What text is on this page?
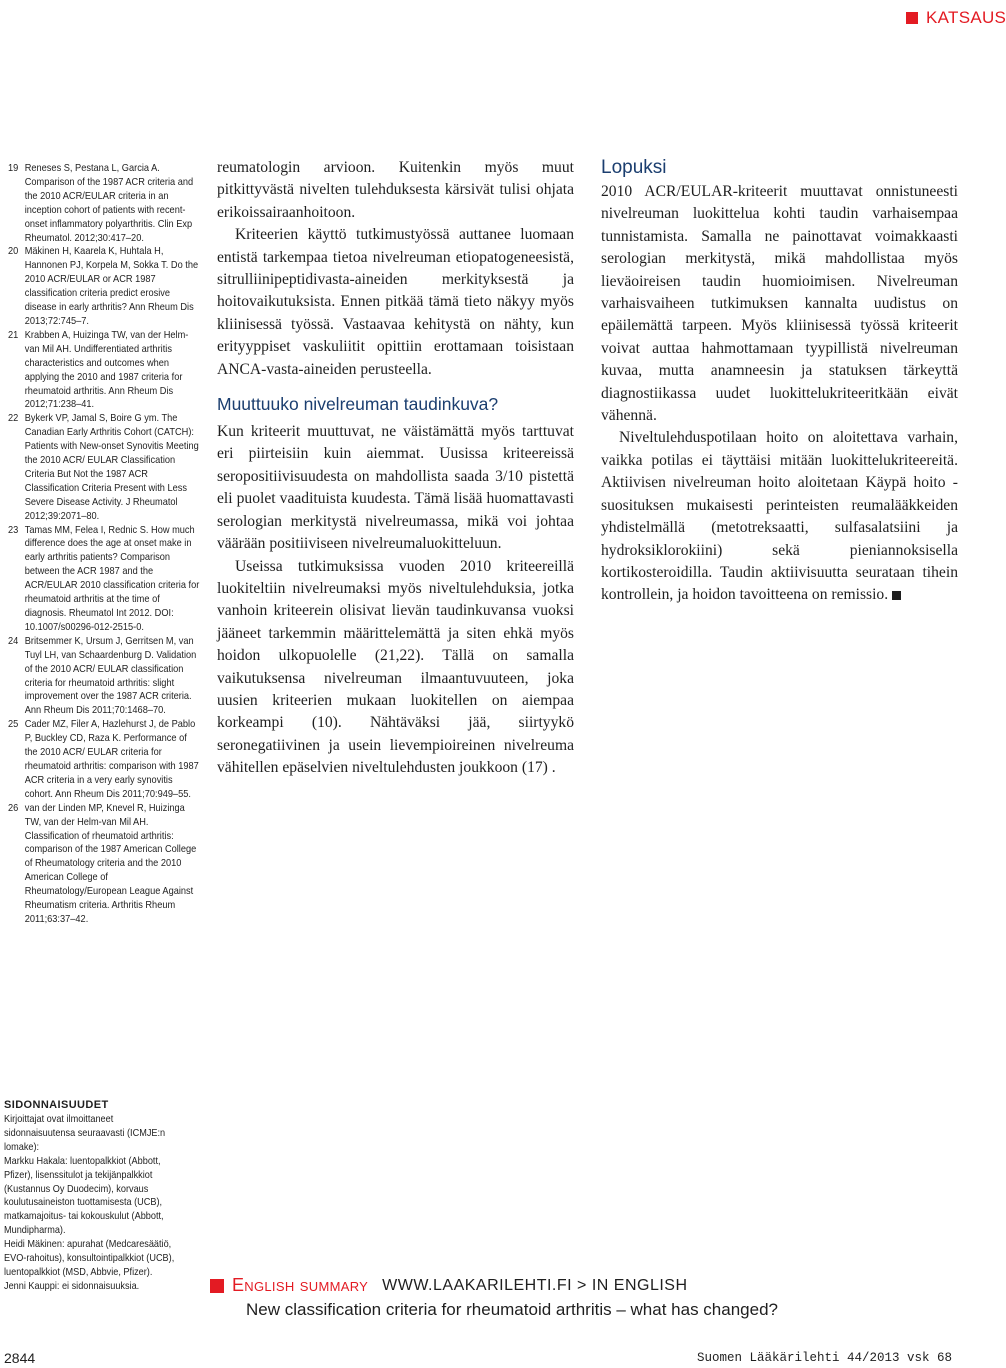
KATSAUS
19 Reneses S, Pestana L, Garcia A. Comparison of the 1987 ACR criteria and the 2010 ACR/EULAR criteria in an inception cohort of patients with recent-onset inflammatory polyarthritis. Clin Exp Rheumatol. 2012;30:417–20.
20 Mäkinen H, Kaarela K, Huhtala H, Hannonen PJ, Korpela M, Sokka T. Do the 2010 ACR/EULAR or ACR 1987 classification criteria predict erosive disease in early arthritis? Ann Rheum Dis 2013;72:745–7.
21 Krabben A, Huizinga TW, van der Helm-van Mil AH. Undifferentiated arthritis characteristics and outcomes when applying the 2010 and 1987 criteria for rheumatoid arthritis. Ann Rheum Dis 2012;71:238–41.
22 Bykerk VP, Jamal S, Boire G ym. The Canadian Early Arthritis Cohort (CATCH): Patients with New-onset Synovitis Meeting the 2010 ACR/ EULAR Classification Criteria But Not the 1987 ACR Classification Criteria Present with Less Severe Disease Activity. J Rheumatol 2012;39:2071–80.
23 Tamas MM, Felea I, Rednic S. How much difference does the age at onset make in early arthritis patients? Comparison between the ACR 1987 and the ACR/EULAR 2010 classification criteria for rheumatoid arthritis at the time of diagnosis. Rheumatol Int 2012. DOI: 10.1007/s00296-012-2515-0.
24 Britsemmer K, Ursum J, Gerritsen M, van Tuyl LH, van Schaardenburg D. Validation of the 2010 ACR/ EULAR classification criteria for rheumatoid arthritis: slight improvement over the 1987 ACR criteria. Ann Rheum Dis 2011;70:1468–70.
25 Cader MZ, Filer A, Hazlehurst J, de Pablo P, Buckley CD, Raza K. Performance of the 2010 ACR/ EULAR criteria for rheumatoid arthritis: comparison with 1987 ACR criteria in a very early synovitis cohort. Ann Rheum Dis 2011;70:949–55.
26 van der Linden MP, Knevel R, Huizinga TW, van der Helm-van Mil AH. Classification of rheumatoid arthritis: comparison of the 1987 American College of Rheumatology criteria and the 2010 American College of Rheumatology/European League Against Rheumatism criteria. Arthritis Rheum 2011;63:37–42.

reumatologin arvioon. Kuitenkin myös muut pitkittyvästä nivelten tulehduksesta kärsivät tulisi ohjata erikoissairaanhoitoon.

Kriteerien käyttö tutkimustyössä auttanee luomaan entistä tarkempaa tietoa nivelreuman etiopatogeneesistä, sitrulliinipeptidivasta-aineiden merkityksestä ja hoitovaikutuksista. Ennen pitkää tämä tieto näkyy myös kliinisessä työssä. Vastaavaa kehitystä on nähty, kun erityyppiset vaskuliitit opittiin erottamaan toisistaan ANCA-vasta-aineiden perusteella.

Muuttuuko nivelreuman taudinkuva?

Kun kriteerit muuttuvat, ne väistämättä myös tarttuvat eri piirteisiin kuin aiemmat. Uusissa kriteereissä seropositiivisuudesta on mahdollista saada 3/10 pistettä eli puolet vaadituista kuudesta. Tämä lisää huomattavasti serologian merkitystä nivelreumassa, mikä voi johtaa väärään positiiviseen nivelreumaluokitteluun.

Useissa tutkimuksissa vuoden 2010 kriteereillä luokiteltiin nivelreumaksi myös niveltulehduksia, jotka vanhoin kriteerein olisivat lievän taudinkuvansa vuoksi jääneet tarkemmin määrittelemättä ja siten ehkä myös hoidon ulkopuolelle (21,22). Tällä on samalla vaikutuksensa nivelreuman ilmaantuvuuteen, joka uusien kriteerien mukaan luokitellen on aiempaa korkeampi (10). Nähtäväksi jää, siirtyykö seronegatiivinen ja usein lievempioireinen nivelreuma vähitellen epäselvien niveltulehdusten joukkoon (17) .

Lopuksi

2010 ACR/EULAR-kriteerit muuttavat onnistuneesti nivelreuman luokittelua kohti taudin varhaisempaa tunnistamista. Samalla ne painottavat voimakkaasti serologian merkitystä, mikä mahdollistaa myös lieväoireisen taudin huomioimisen. Nivelreuman varhaisvaiheen tutkimuksen kannalta uudistus on epäilemättä tarpeen. Myös kliinisessä työssä kriteerit voivat auttaa hahmottamaan tyypillistä nivelreuman kuvaa, mutta anamneesin ja statuksen tärkeyttä diagnostiikassa uudet luokittelukriteeritkään eivät vähennä.

Niveltulehduspotilaan hoito on aloitettava varhain, vaikka potilas ei täyttäisi mitään luokittelukriteereitä. Aktiivisen nivelreuman hoito aloitetaan Käypä hoito -suosituksen mukaisesti perinteisten reumalääkkeiden yhdistelmällä (metotreksaatti, sulfasalatsiini ja hydroksiklorokiini) sekä pieniannoksisella kortikosteroidilla. Taudin aktiivisuutta seurataan tihein kontrollein, ja hoidon tavoitteena on remissio.

SIDONNAISUUDET
Kirjoittajat ovat ilmoittaneet sidonnaisuutensa seuraavasti (ICMJE:n lomake):
Markku Hakala: luentopalkkiot (Abbott, Pfizer), lisenssitulot ja tekijänpalkkiot (Kustannus Oy Duodecim), korvaus koulutusaineiston tuottamisesta (UCB), matkamajoitus- tai kokouskulut (Abbott, Mundipharma).
Heidi Mäkinen: apurahat (Medcaresäätiö, EVO-rahoitus), konsultointipalkkiot (UCB), luentopalkkiot (MSD, Abbvie, Pfizer).
Jenni Kauppi: ei sidonnaisuuksia.	English summary WWW.LAAKARILEHTI.FI > IN ENGLISH
New classification criteria for rheumatoid arthritis – what has changed?
2844	Suomen Lääkärilehti 44/2013 vsk 68
